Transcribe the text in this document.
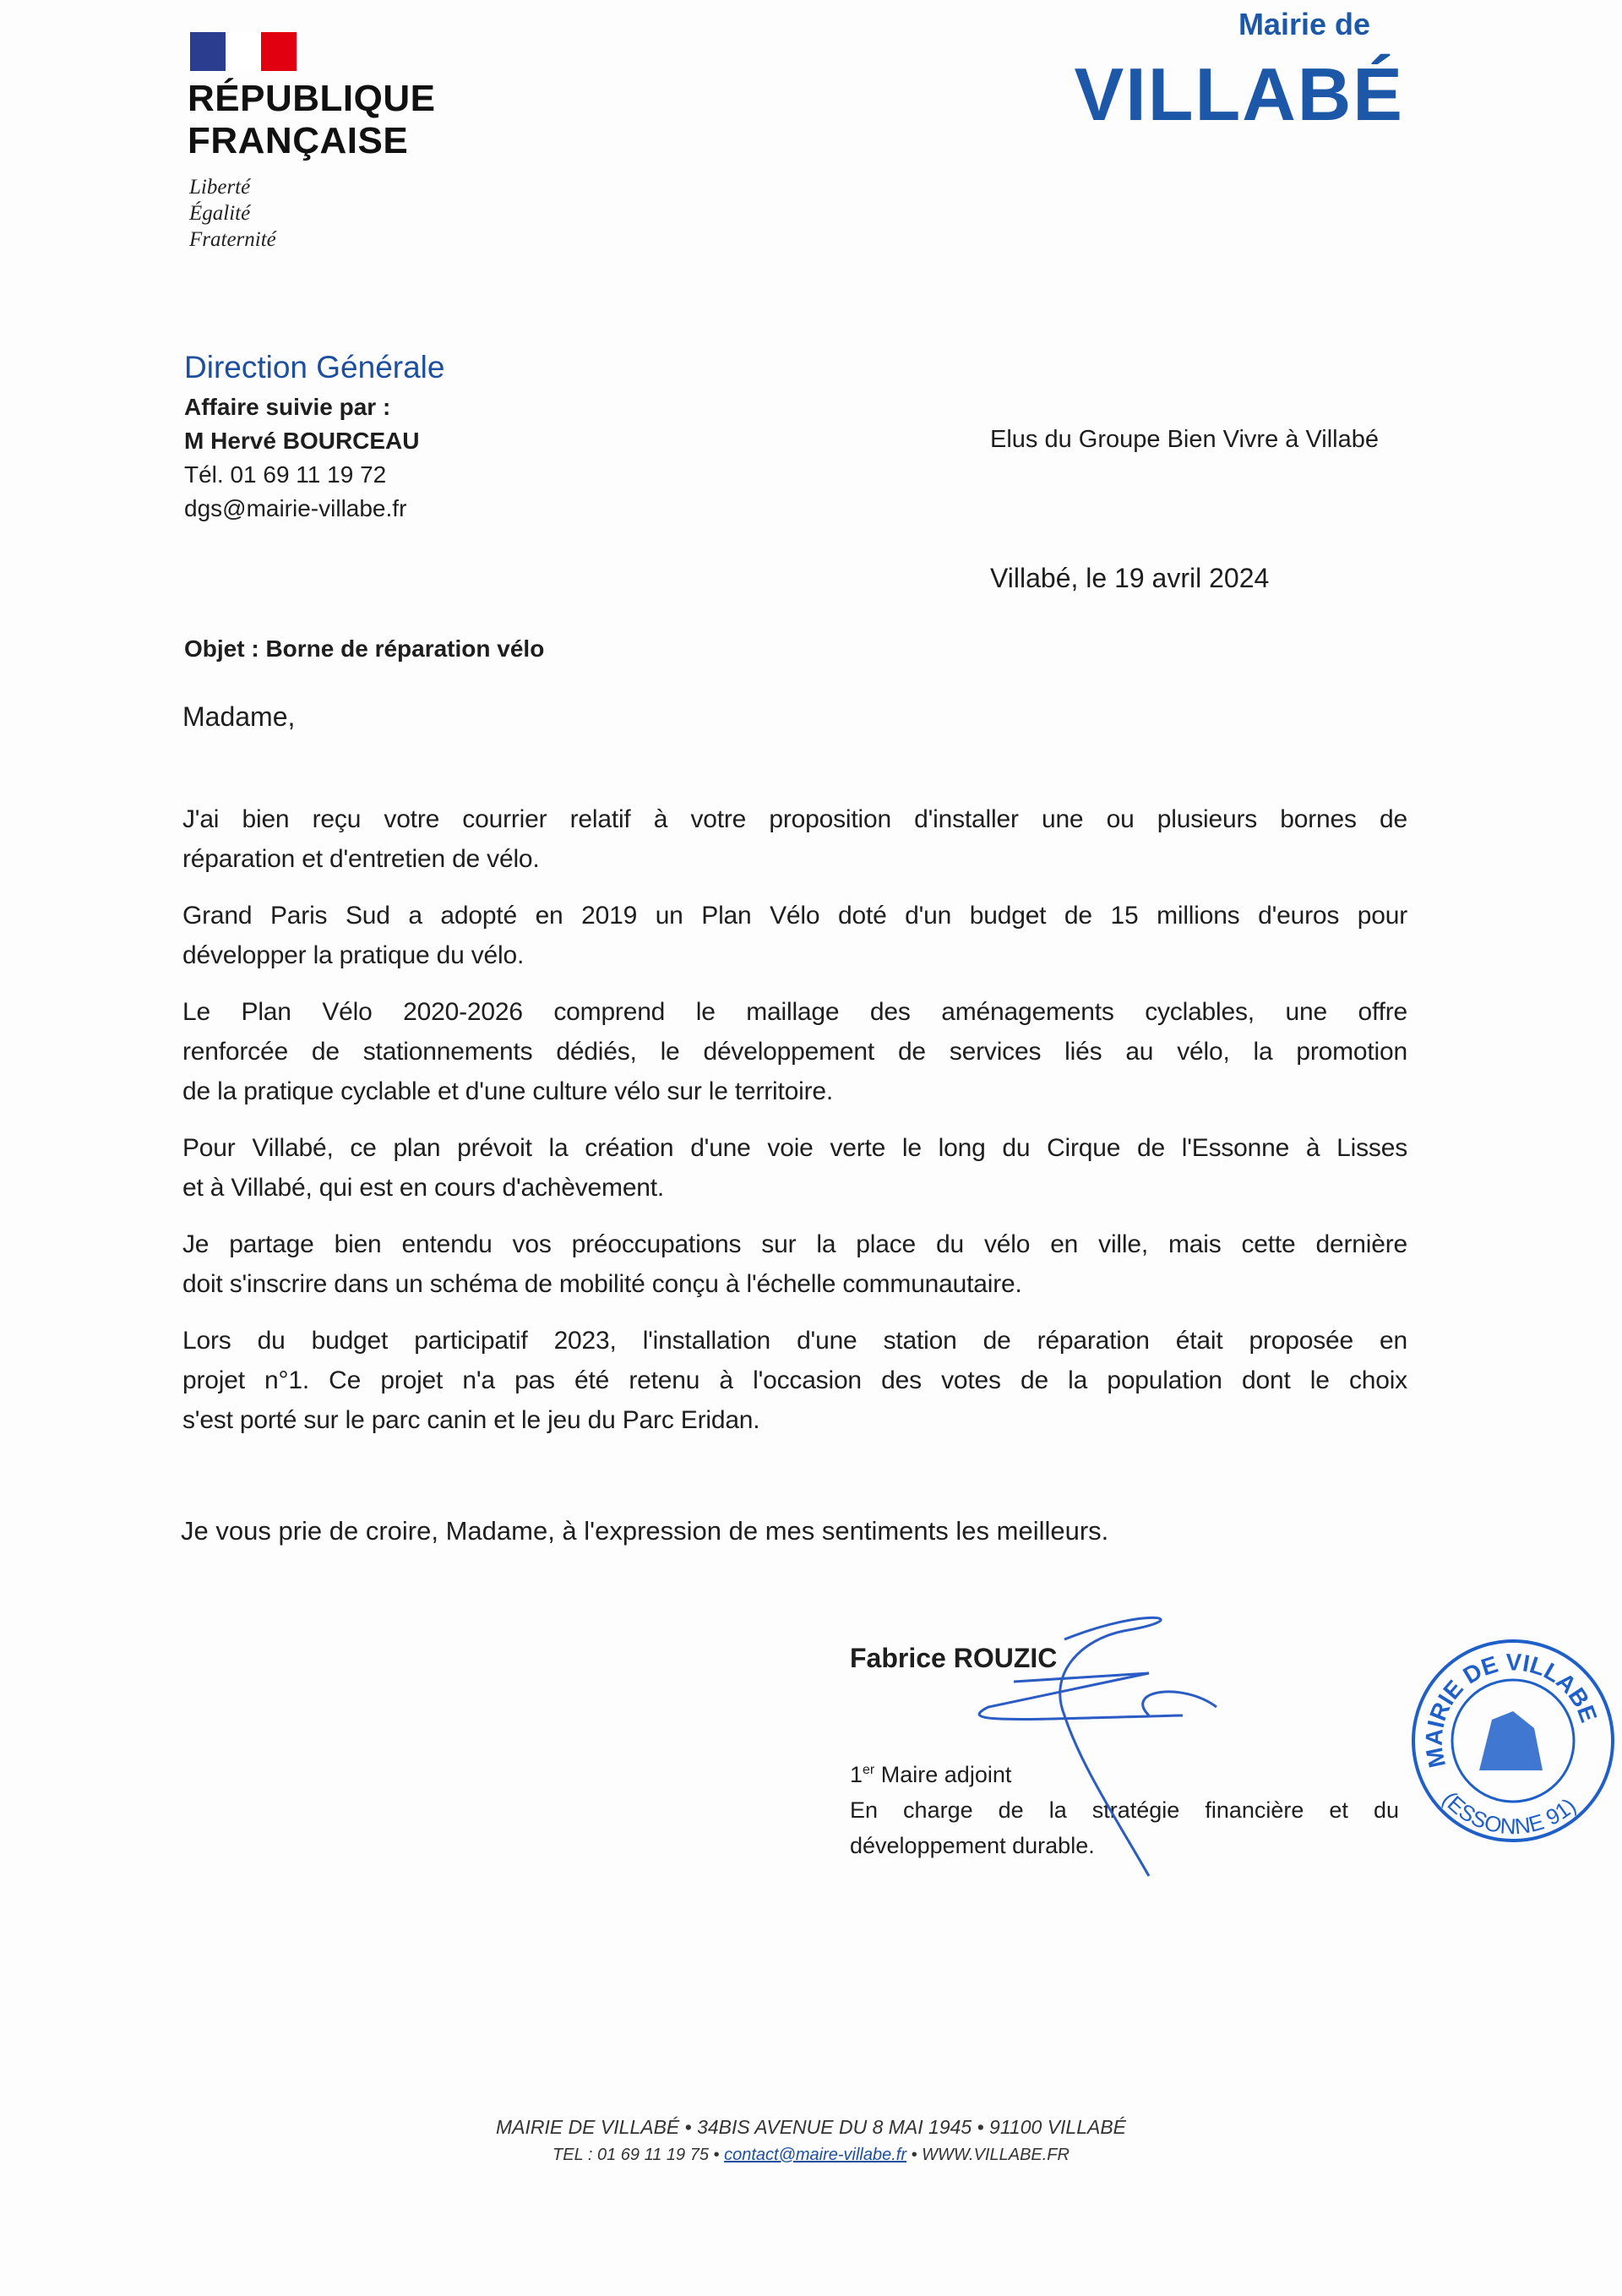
RÉPUBLIQUE
FRANÇAISE
Liberté
Égalité
Fraternité
Mairie de
VILLABÉ
Direction Générale
Affaire suivie par :
M Hervé BOURCEAU
Tél. 01 69 11 19 72
dgs@mairie-villabe.fr
Elus du Groupe Bien Vivre à Villabé
Villabé, le 19 avril 2024
Objet : Borne de réparation vélo
Madame,
J'ai bien reçu votre courrier relatif à votre proposition d'installer une ou plusieurs bornes de
réparation et d'entretien de vélo.
Grand Paris Sud a adopté en 2019 un Plan Vélo doté d'un budget de 15 millions d'euros pour
développer la pratique du vélo.
Le Plan Vélo 2020-2026 comprend le maillage des aménagements cyclables, une offre
renforcée de stationnements dédiés, le développement de services liés au vélo, la promotion
de la pratique cyclable et d'une culture vélo sur le territoire.
Pour Villabé, ce plan prévoit la création d'une voie verte le long du Cirque de l'Essonne à Lisses
et à Villabé, qui est en cours d'achèvement.
Je partage bien entendu vos préoccupations sur la place du vélo en ville, mais cette dernière
doit s'inscrire dans un schéma de mobilité conçu à l'échelle communautaire.
Lors du budget participatif 2023, l'installation d'une station de réparation était proposée en
projet n°1. Ce projet n'a pas été retenu à l'occasion des votes de la population dont le choix
s'est porté sur le parc canin et le jeu du Parc Eridan.
Je vous prie de croire, Madame, à l'expression de mes sentiments les meilleurs.
Fabrice ROUZIC
1er Maire adjoint
En charge de la stratégie financière et du
développement durable.
MAIRIE DE VILLABE
(ESSONNE 91)
MAIRIE DE VILLABÉ • 34BIS AVENUE DU 8 MAI 1945 • 91100 VILLABÉ
TEL : 01 69 11 19 75 • contact@maire-villabe.fr • WWW.VILLABE.FR
